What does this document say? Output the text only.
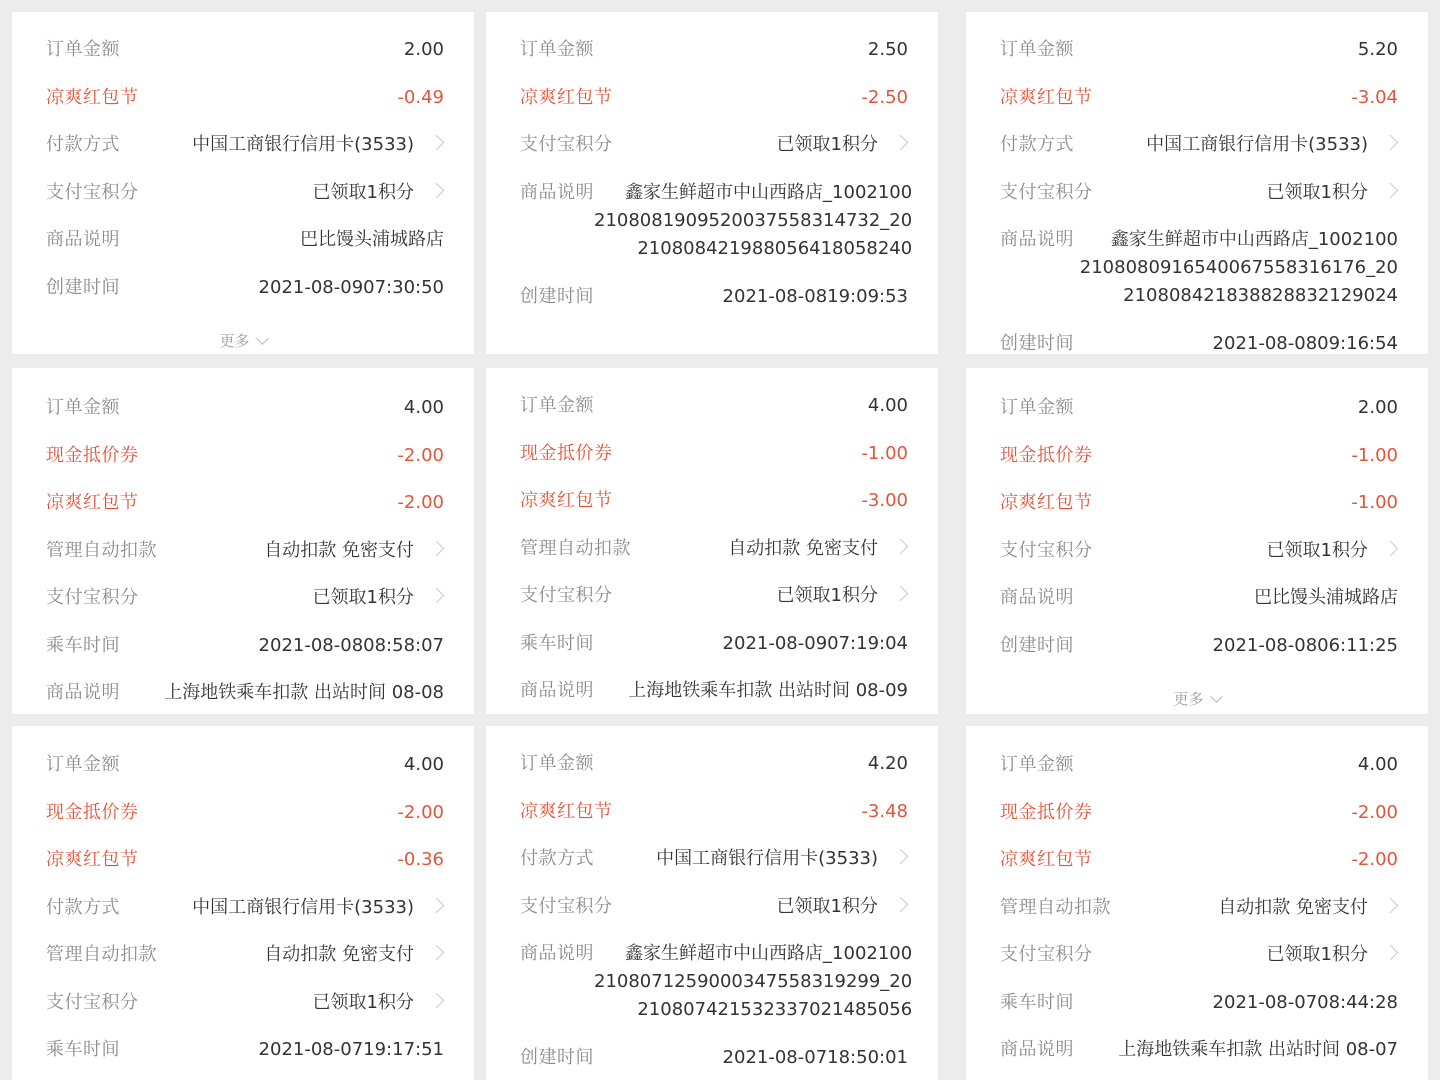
订单金额	2.00
凉爽红包节	-0.49
付款方式	中国工商银行信用卡(3533)
支付宝积分	已领取1积分
商品说明	巴比馒头浦城路店
创建时间	2021-08-0907:30:50
更多
订单金额	2.50
凉爽红包节	-2.50
支付宝积分	已领取1积分
商品说明	鑫家生鲜超市中山西路店_1002100
2108081909520037558314732_20
210808421988056418058240
创建时间	2021-08-0819:09:53
订单金额	5.20
凉爽红包节	-3.04
付款方式	中国工商银行信用卡(3533)
支付宝积分	已领取1积分
商品说明	鑫家生鲜超市中山西路店_1002100
2108080916540067558316176_20
210808421838828832129024
创建时间	2021-08-0809:16:54
订单金额	4.00
现金抵价券	-2.00
凉爽红包节	-2.00
管理自动扣款	自动扣款 免密支付
支付宝积分	已领取1积分
乘车时间	2021-08-0808:58:07
商品说明	上海地铁乘车扣款 出站时间 08-08
订单金额	4.00
现金抵价券	-1.00
凉爽红包节	-3.00
管理自动扣款	自动扣款 免密支付
支付宝积分	已领取1积分
乘车时间	2021-08-0907:19:04
商品说明	上海地铁乘车扣款 出站时间 08-09
订单金额	2.00
现金抵价券	-1.00
凉爽红包节	-1.00
支付宝积分	已领取1积分
商品说明	巴比馒头浦城路店
创建时间	2021-08-0806:11:25
更多
订单金额	4.00
现金抵价券	-2.00
凉爽红包节	-0.36
付款方式	中国工商银行信用卡(3533)
管理自动扣款	自动扣款 免密支付
支付宝积分	已领取1积分
乘车时间	2021-08-0719:17:51
订单金额	4.20
凉爽红包节	-3.48
付款方式	中国工商银行信用卡(3533)
支付宝积分	已领取1积分
商品说明	鑫家生鲜超市中山西路店_1002100
2108071259000347558319299_20
210807421532337021485056
创建时间	2021-08-0718:50:01
订单金额	4.00
现金抵价券	-2.00
凉爽红包节	-2.00
管理自动扣款	自动扣款 免密支付
支付宝积分	已领取1积分
乘车时间	2021-08-0708:44:28
商品说明	上海地铁乘车扣款 出站时间 08-07
